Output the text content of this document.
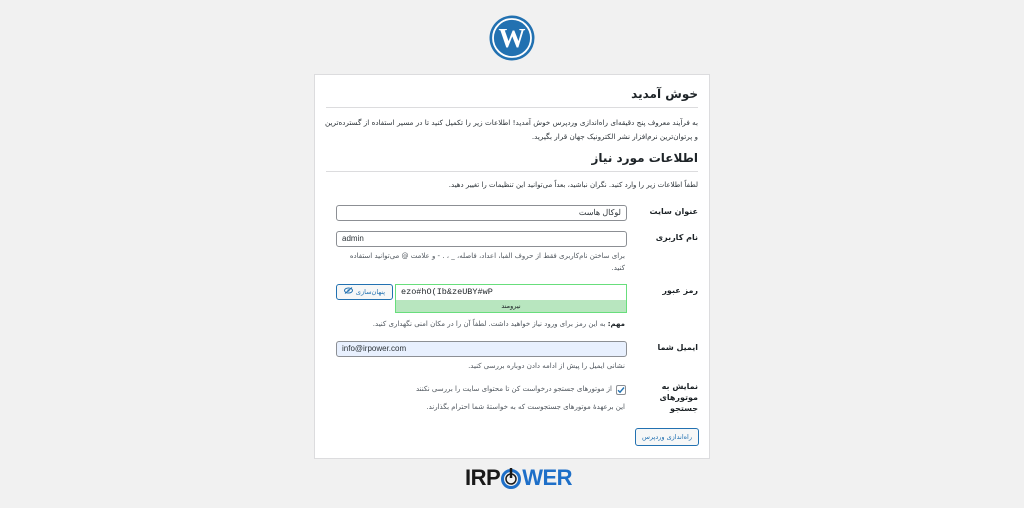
W
خوش آمدید
به فرآیند معروف پنج دقیقه‌ای راه‌اندازی وردپرس خوش آمدید! اطلاعات زیر را تکمیل کنید تا در مسیر استفاده از گسترده‌ترین و پرتوان‌ترین نرم‌افزار نشر الکترونیک جهان قرار بگیرید.
اطلاعات مورد نیاز
لطفاً اطلاعات زیر را وارد کنید. نگران نباشید، بعداً می‌توانید این تنظیمات را تغییر دهید.
عنوان سایت
لوکال هاست
نام کاربری
admin
برای ساختن نام‌کاربری فقط از حروف الفبا، اعداد، فاصله، _ ، . - و علامت @ می‌توانید استفاده کنید.
رمز عبور
ezo#hO(Ib&zeUBY#wP
نیرومند
پنهان‌سازی
مهم: به این رمز برای ورود نیاز خواهید داشت. لطفاً آن را در مکان امنی نگهداری کنید.
ایمیل شما
info@irpower.com
نشانی ایمیل را پیش از ادامه دادن دوباره بررسی کنید.
نمایش به موتورهای جستجو
از موتورهای جستجو درخواست کن تا محتوای سایت را بررسی نکنند
این برعهدهٔ موتورهای جستجوست که به خواستهٔ شما احترام بگذارند.
راه‌اندازی وردپرس
IRP WER
